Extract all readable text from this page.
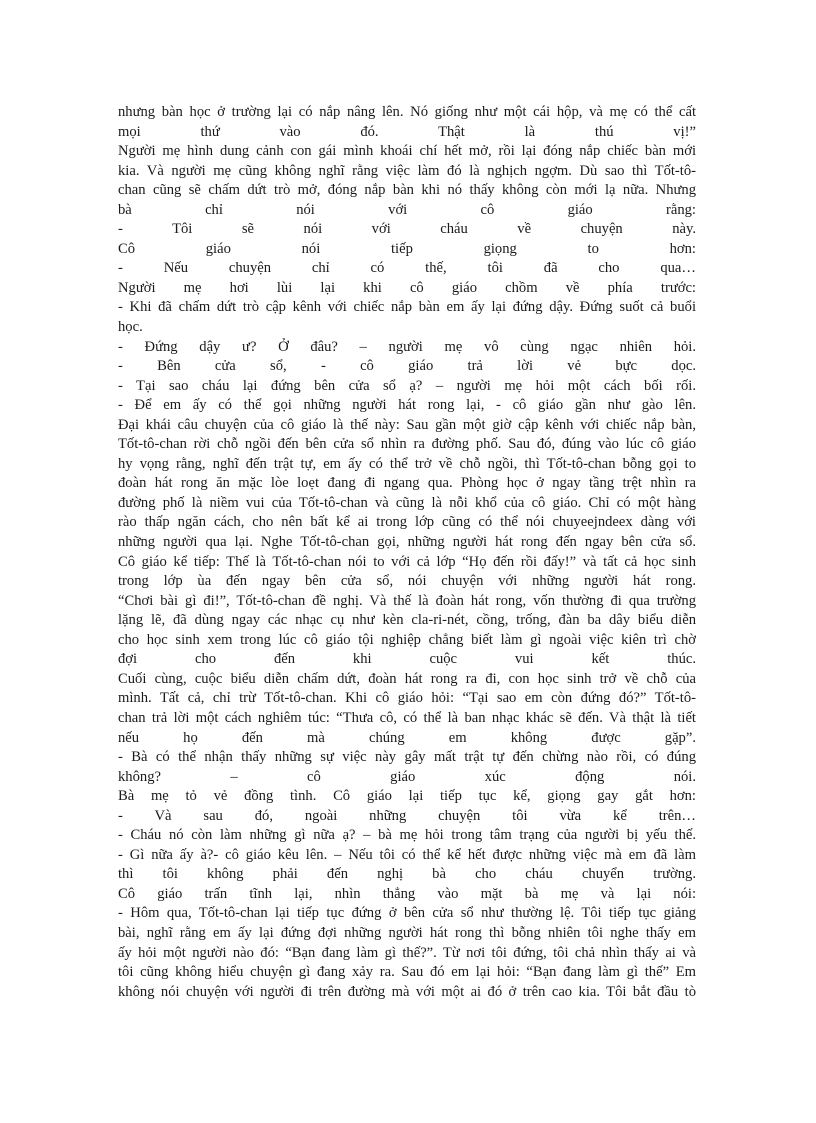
nhưng bàn học ở trường lại có nắp nâng lên. Nó giống như một cái hộp, và mẹ có thể cất
mọi thứ vào đó. Thật là thú vị!”
Người mẹ hình dung cảnh con gái mình khoái chí hết mở, rồi lại đóng nắp chiếc bàn mới
kia. Và người mẹ cũng không nghĩ rằng việc làm đó là nghịch ngợm. Dù sao thì Tốt-tô-
chan cũng sẽ chấm dứt trò mở, đóng nắp bàn khi nó thấy không còn mới lạ nữa. Nhưng
bà chỉ nói với cô giáo rằng:
- Tôi sẽ nói với cháu về chuyện này.
Cô giáo nói tiếp giọng to hơn:
- Nếu chuyện chỉ có thế, tôi đã cho qua…
Người mẹ hơi lùi lại khi cô giáo chồm về phía trước:
- Khi đã chấm dứt trò cập kênh với chiếc nắp bàn em ấy lại đứng dậy. Đứng suốt cả buổi
học.
- Đứng dậy ư? Ở đâu? – người mẹ vô cùng ngạc nhiên hỏi.
- Bên cửa sổ, - cô giáo trả lời vẻ bực dọc.
- Tại sao cháu lại đứng bên cửa sổ ạ? – người mẹ hỏi một cách bối rối.
- Để em ấy có thể gọi những người hát rong lại, - cô giáo gần như gào lên.
Đại khái câu chuyện của cô giáo là thế này: Sau gần một giờ cập kênh với chiếc nắp bàn,
Tốt-tô-chan rời chỗ ngồi đến bên cửa sổ nhìn ra đường phố. Sau đó, đúng vào lúc cô giáo
hy vọng rằng, nghĩ đến trật tự, em ấy có thể trở về chỗ ngồi, thì Tốt-tô-chan bỗng gọi to
đoàn hát rong ăn mặc lòe loẹt đang đi ngang qua. Phòng học ở ngay tầng trệt nhìn ra
đường phố là niềm vui của Tốt-tô-chan và cũng là nỗi khổ của cô giáo. Chỉ có một hàng
rào thấp ngăn cách, cho nên bất kể ai trong lớp cũng có thể nói chuyeejndeex dàng với
những người qua lại. Nghe Tốt-tô-chan gọi, những người hát rong đến ngay bên cửa sổ.
Cô giáo kể tiếp: Thế là Tốt-tô-chan nói to với cả lớp “Họ đến rồi đấy!” và tất cả học sinh
trong lớp ùa đến ngay bên cửa sổ, nói chuyện với những người hát rong.
“Chơi bài gì đi!”, Tốt-tô-chan đề nghị. Và thế là đoàn hát rong, vốn thường đi qua trường
lặng lẽ, đã dùng ngay các nhạc cụ như kèn cla-ri-nét, cồng, trống, đàn ba dây biểu diễn
cho học sinh xem trong lúc cô giáo tội nghiệp chẳng biết làm gì ngoài việc kiên trì chờ
đợi cho đến khi cuộc vui kết thúc.
Cuối cùng, cuộc biểu diễn chấm dứt, đoàn hát rong ra đi, con học sinh trở về chỗ của
mình. Tất cả, chỉ trừ Tốt-tô-chan. Khi cô giáo hỏi: “Tại sao em còn đứng đó?” Tốt-tô-
chan trả lời một cách nghiêm túc: “Thưa cô, có thể là ban nhạc khác sẽ đến. Và thật là tiết
nếu họ đến mà chúng em không được gặp”.
- Bà có thể nhận thấy những sự việc này gây mất trật tự đến chừng nào rồi, có đúng
không? – cô giáo xúc động nói.
Bà mẹ tỏ vẻ đồng tình. Cô giáo lại tiếp tục kể, giọng gay gắt hơn:
- Và sau đó, ngoài những chuyện tôi vừa kể trên…
- Cháu nó còn làm những gì nữa ạ? – bà mẹ hỏi trong tâm trạng của người bị yếu thế.
- Gì nữa ấy à?- cô giáo kêu lên. – Nếu tôi có thể kể hết được những việc mà em đã làm
thì tôi không phải đến nghị bà cho cháu chuyển trường.
Cô giáo trấn tĩnh lại, nhìn thẳng vào mặt bà mẹ và lại nói:
- Hôm qua, Tốt-tô-chan lại tiếp tục đứng ở bên cửa sổ như thường lệ. Tôi tiếp tục giảng
bài, nghĩ rằng em ấy lại đứng đợi những người hát rong thì bỗng nhiên tôi nghe thấy em
ấy hỏi một người nào đó: “Bạn đang làm gì thế?”. Từ nơi tôi đứng, tôi chả nhìn thấy ai và
tôi cũng không hiểu chuyện gì đang xảy ra. Sau đó em lại hỏi: “Bạn đang làm gì thế” Em
không nói chuyện với người đi trên đường mà với một ai đó ở trên cao kia. Tôi bắt đầu tò
